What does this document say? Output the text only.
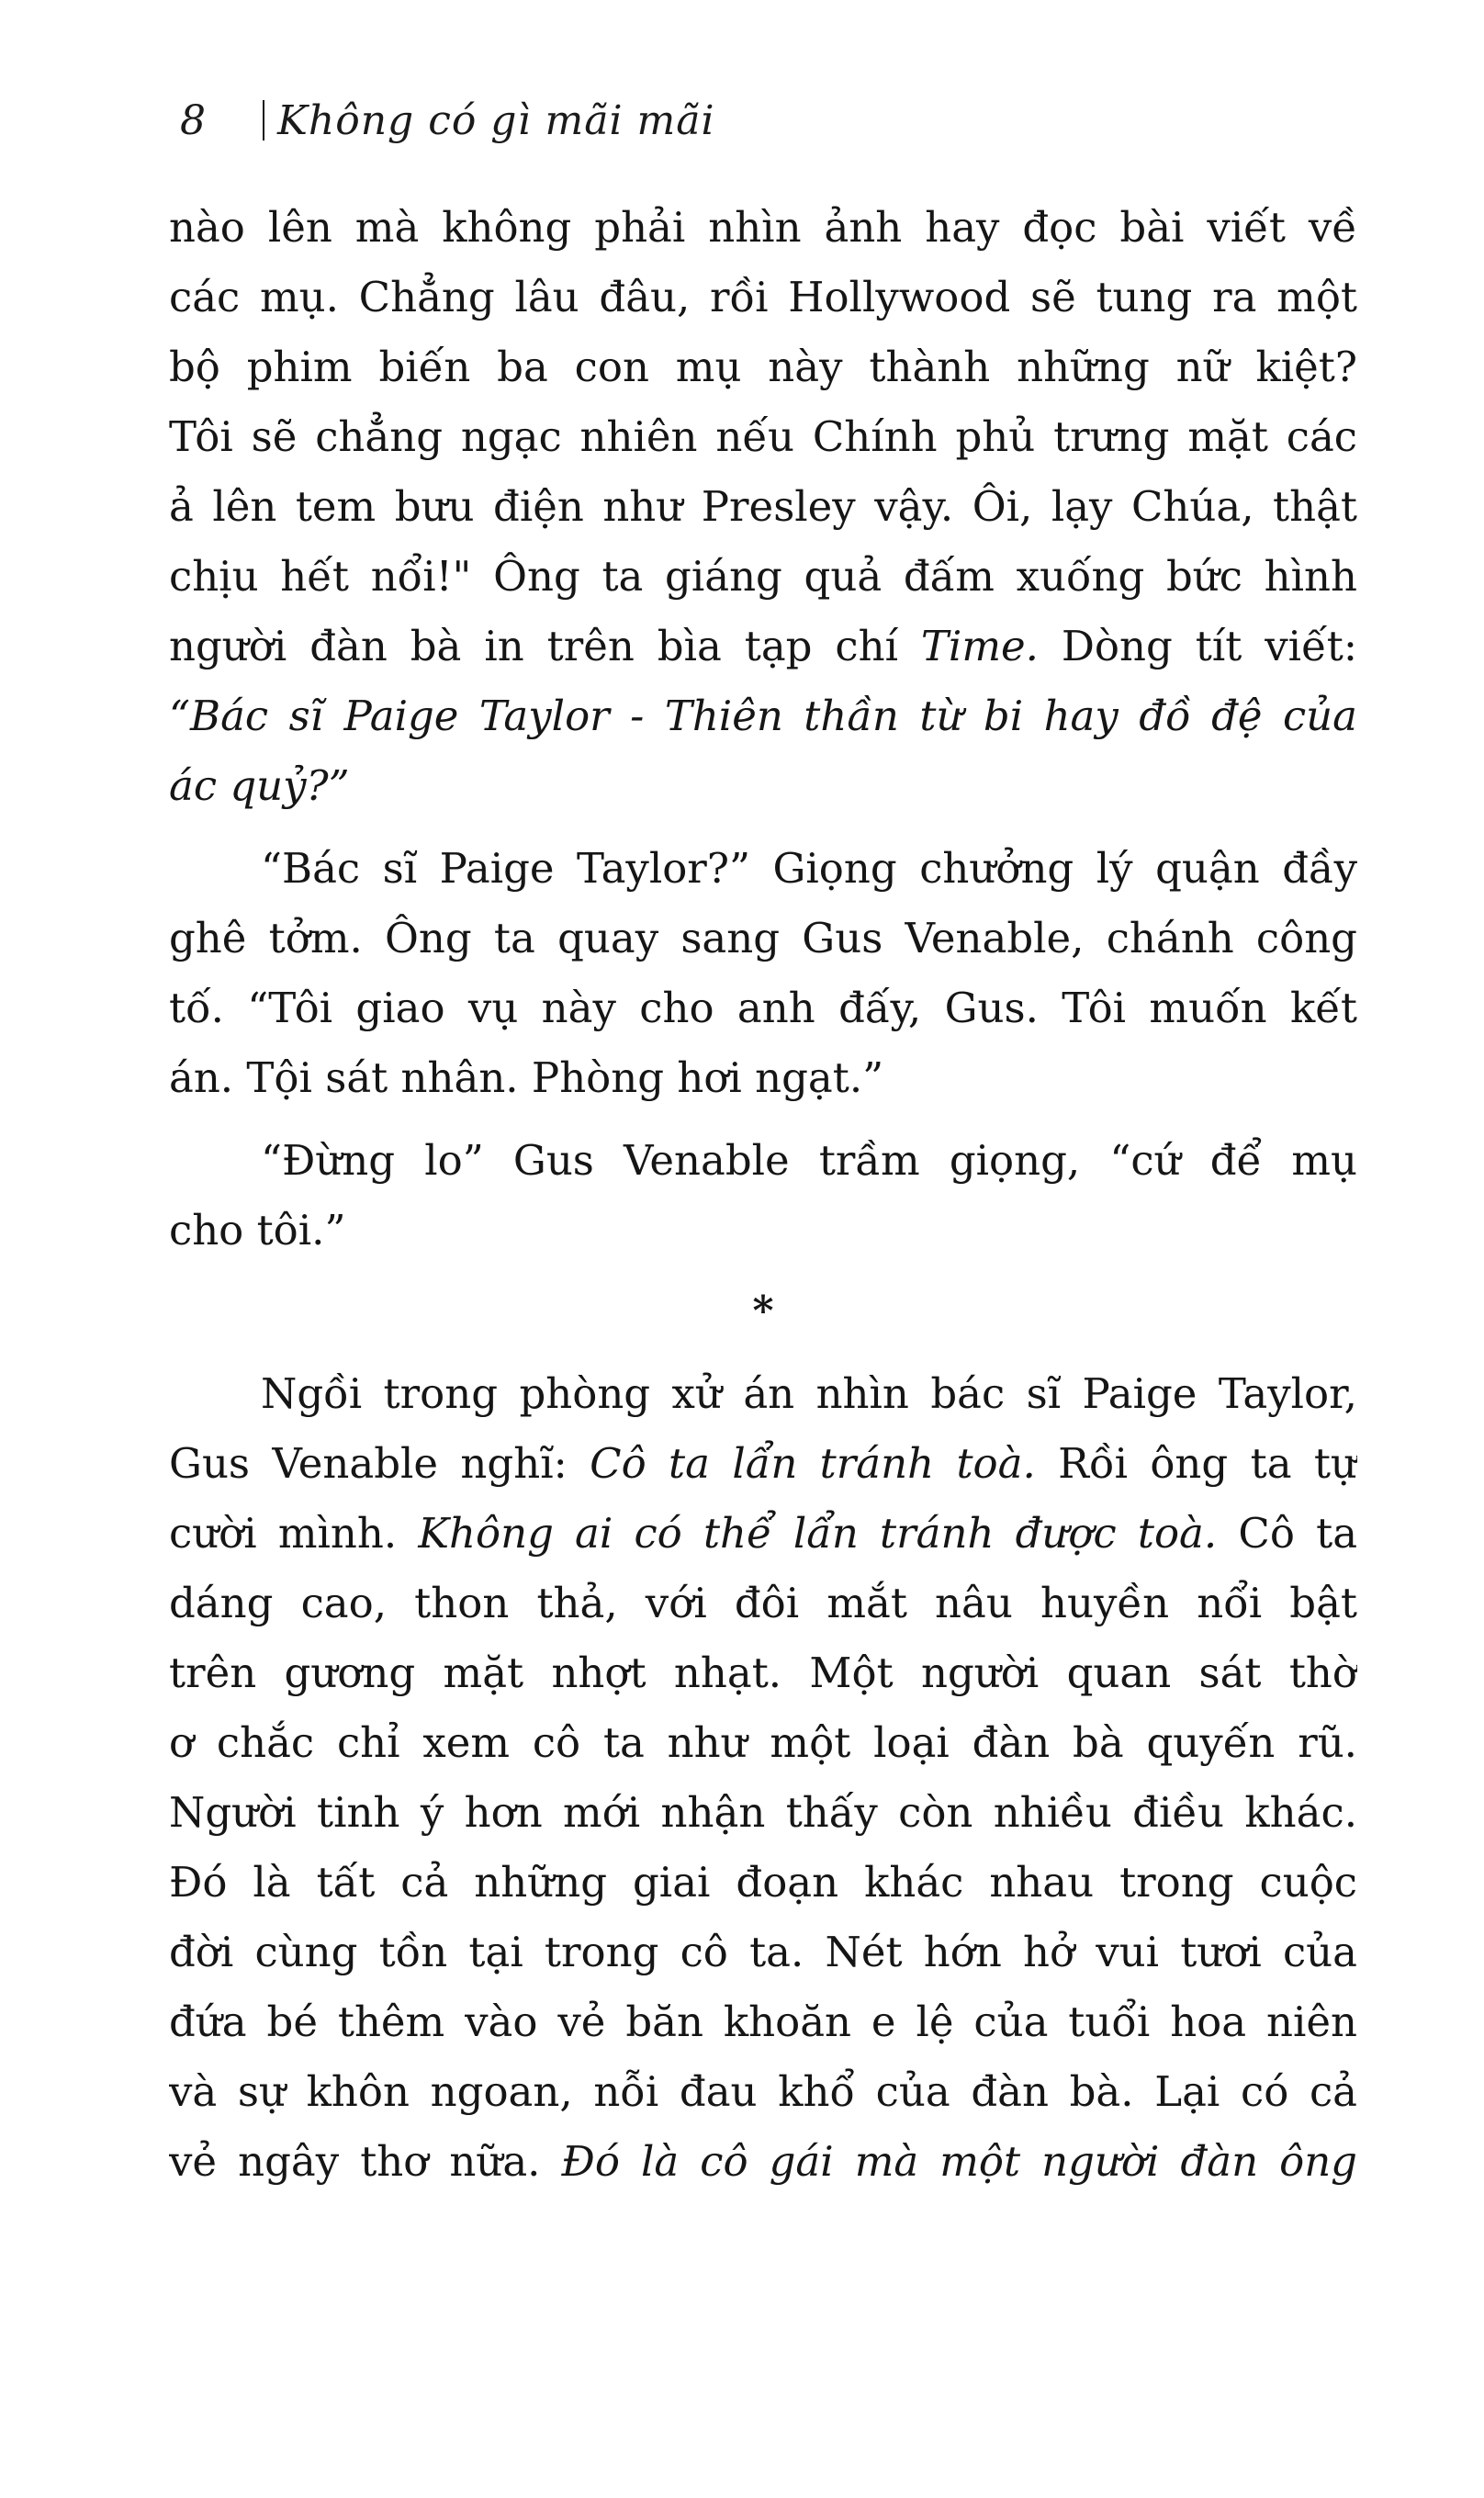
8	Không có gì mãi mãi
nào lên mà không phải nhìn ảnh hay đọc bài viết về
các mụ. Chẳng lâu đâu, rồi Hollywood sẽ tung ra một
bộ phim biến ba con mụ này thành những nữ kiệt?
Tôi sẽ chẳng ngạc nhiên nếu Chính phủ trưng mặt các
ả lên tem bưu điện như Presley vậy. Ôi, lạy Chúa, thật
chịu hết nổi!" Ông ta giáng quả đấm xuống bức hình
người đàn bà in trên bìa tạp chí Time. Dòng tít viết:
“Bác sĩ Paige Taylor - Thiên thần từ bi hay đồ đệ của
ác quỷ?”
“Bác sĩ Paige Taylor?” Giọng chưởng lý quận đầy
ghê tởm. Ông ta quay sang Gus Venable, chánh công
tố. “Tôi giao vụ này cho anh đấy, Gus. Tôi muốn kết
án. Tội sát nhân. Phòng hơi ngạt.”
“Đừng lo” Gus Venable trầm giọng, “cứ để mụ
cho tôi.”
*
Ngồi trong phòng xử án nhìn bác sĩ Paige Taylor,
Gus Venable nghĩ: Cô ta lẩn tránh toà. Rồi ông ta tự
cười mình. Không ai có thể lẩn tránh được toà. Cô ta
dáng cao, thon thả, với đôi mắt nâu huyền nổi bật
trên gương mặt nhợt nhạt. Một người quan sát thờ
ơ chắc chỉ xem cô ta như một loại đàn bà quyến rũ.
Người tinh ý hơn mới nhận thấy còn nhiều điều khác.
Đó là tất cả những giai đoạn khác nhau trong cuộc
đời cùng tồn tại trong cô ta. Nét hớn hở vui tươi của
đứa bé thêm vào vẻ băn khoăn e lệ của tuổi hoa niên
và sự khôn ngoan, nỗi đau khổ của đàn bà. Lại có cả
vẻ ngây thơ nữa. Đó là cô gái mà một người đàn ông
